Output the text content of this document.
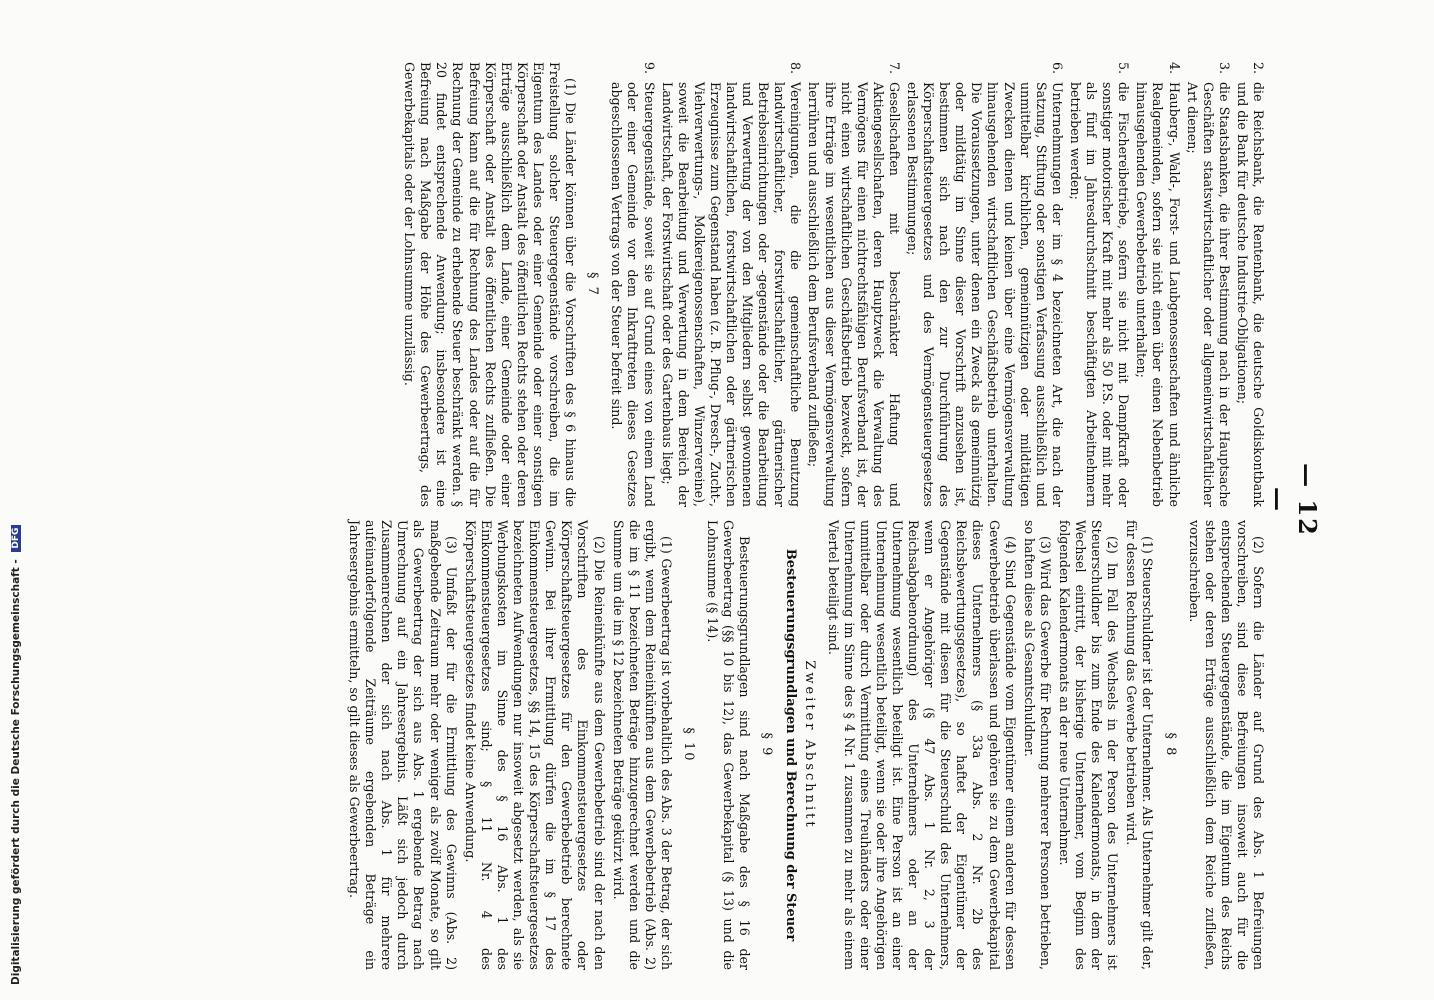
— 12 —
2.
die Reichsbank, die Rentenbank, die deutsche Goldiskontbank und die Bank für deutsche Industrie-Obligationen;
3.
die Staatsbanken, die ihrer Bestimmung nach in der Hauptsache Geschäften staatswirtschaftlicher oder allgemeinwirtschaftlicher Art dienen;
4.
Hauberg-, Wald-, Forst- und Laubgenossenschaften und ähnliche Realgemeinden, sofern sie nicht einen über einen Nebenbetrieb hinausgehenden Gewerbebetrieb unterhalten;
5.
die Fischereibetriebe, sofern sie nicht mit Dampfkraft oder sonstiger motorischer Kraft mit mehr als 50 P.S. oder mit mehr als fünf im Jahresdurchschnitt beschäftigten Arbeitnehmern betrieben werden;
6.
Unternehmungen der im § 4 bezeichneten Art, die nach der Satzung, Stiftung oder sonstigen Verfassung ausschließlich und unmittelbar kirchlichen, gemeinnützigen oder mildtätigen Zwecken dienen und keinen über eine Vermögensverwaltung hinausgehenden wirtschaftlichen Geschäftsbetrieb unterhalten. Die Voraussetzungen, unter denen ein Zweck als gemeinnützig oder mildtätig im Sinne dieser Vorschrift anzusehen ist, bestimmen sich nach den zur Durchführung des Körperschaftsteuergesetzes und des Vermögensteuergesetzes erlassenen Bestimmungen;
7.
Gesellschaften mit beschränkter Haftung und Aktiengesellschaften, deren Hauptzweck die Verwaltung des Vermögens für einen nichtrechtsfähigen Berufsverband ist, der nicht einen wirtschaftlichen Geschäftsbetrieb bezweckt, sofern ihre Erträge im wesentlichen aus dieser Vermögensverwaltung herrühren und ausschließlich dem Berufsverband zufließen;
8.
Vereinigungen, die die gemeinschaftliche Benutzung landwirtschaftlicher, forstwirtschaftlicher, gärtnerischer Betriebseinrichtungen oder -gegenstände oder die Bearbeitung und Verwertung der von den Mitgliedern selbst gewonnenen landwirtschaftlichen, forstwirtschaftlichen oder gärtnerischen Erzeugnisse zum Gegenstand haben (z. B. Pflug-, Dresch-, Zucht-, Viehverwertungs-, Molkereigenossenschaften, Winzervereine), soweit die Bearbeitung und Verwertung in dem Bereich der Landwirtschaft, der Forstwirtschaft oder des Gartenbaus liegt;
9.
Steuergegenstände, soweit sie auf Grund eines von einem Land oder einer Gemeinde vor dem Inkrafttreten dieses Gesetzes abgeschlossenen Vertrags von der Steuer befreit sind.
§ 7

(1) Die Länder können über die Vorschriften des § 6 hinaus die Freistellung solcher Steuergegenstände vorschreiben, die im Eigentum des Landes oder einer Gemeinde oder einer sonstigen Körperschaft oder Anstalt des öffentlichen Rechts stehen oder deren Erträge ausschließlich dem Lande, einer Gemeinde oder einer Körperschaft oder Anstalt des öffentlichen Rechts zufließen. Die Befreiung kann auf die für Rechnung des Landes oder auf die für Rechnung der Gemeinde zu erhebende Steuer beschränkt werden. § 20 findet entsprechende Anwendung; insbesondere ist eine Befreiung nach Maßgabe der Höhe des Gewerbeertrags, des Gewerbekapitals oder der Lohnsumme unzulässig.

(2) Sofern die Länder auf Grund des Abs. 1 Befreiungen vorschreiben, sind diese Befreiungen insoweit auch für die entsprechenden Steuergegenstände, die im Eigentum des Reichs stehen oder deren Erträge ausschließlich dem Reiche zufließen, vorzuschreiben.

§ 8

(1) Steuerschuldner ist der Unternehmer. Als Unternehmer gilt der, für dessen Rechnung das Gewerbe betrieben wird.

(2) Im Fall des Wechsels in der Person des Unternehmers ist Steuerschuldner bis zum Ende des Kalendermonats, in dem der Wechsel eintritt, der bisherige Unternehmer, vom Beginn des folgenden Kalendermonats an der neue Unternehmer.

(3) Wird das Gewerbe für Rechnung mehrerer Personen betrieben, so haften diese als Gesamtschuldner.

(4) Sind Gegenstände vom Eigentümer einem anderen für dessen Gewerbebetrieb überlassen und gehören sie zu dem Gewerbekapital dieses Unternehmers (§ 33a Abs. 2 Nr. 2b des Reichsbewertungsgesetzes), so haftet der Eigentümer der Gegenstände mit diesen für die Steuerschuld des Unternehmers, wenn er Angehöriger (§ 47 Abs. 1 Nr. 2, 3 der Reichsabgabenordnung) des Unternehmers oder an der Unternehmung wesentlich beteiligt ist. Eine Person ist an einer Unternehmung wesentlich beteiligt, wenn sie oder ihre Angehörigen unmittelbar oder durch Vermittlung eines Treuhänders oder einer Unternehmung im Sinne des § 4 Nr. 1 zusammen zu mehr als einem Viertel beteiligt sind.

Zweiter Abschnitt
Besteuerungsgrundlagen und Berechnung der Steuer
§ 9

Besteuerungsgrundlagen sind nach Maßgabe des § 16 der Gewerbeertrag (§§ 10 bis 12), das Gewerbekapital (§ 13) und die Lohnsumme (§ 14).

§ 10

(1) Gewerbeertrag ist vorbehaltlich des Abs. 3 der Betrag, der sich ergibt, wenn dem Reineinkünften aus dem Gewerbebetrieb (Abs. 2) die im § 11 bezeichneten Beträge hinzugerechnet werden und die Summe um die im § 12 bezeichneten Beträge gekürzt wird.

(2) Die Reineinkünfte aus dem Gewerbebetrieb sind der nach den Vorschriften des Einkommensteuergesetzes oder Körperschaftsteuergesetzes für den Gewerbebetrieb berechnete Gewinn. Bei ihrer Ermittlung dürfen die im § 17 des Einkommensteuergesetzes, §§ 14, 15 des Körperschaftsteuergesetzes bezeichneten Aufwendungen nur insoweit abgesetzt werden, als sie Werbungskosten im Sinne des § 16 Abs. 1 des Einkommensteuergesetzes sind; § 11 Nr. 4 des Körperschaftsteuergesetzes findet keine Anwendung.

(3) Umfaßt der für die Ermittlung des Gewinns (Abs. 2) maßgebende Zeitraum mehr oder weniger als zwölf Monate, so gilt als Gewerbeertrag der sich aus Abs. 1 ergebende Betrag nach Umrechnung auf ein Jahresergebnis. Läßt sich jedoch durch Zusammenrechnen der sich nach Abs. 1 für mehrere aufeinanderfolgende Zeiträume ergebenden Beträge ein Jahresergebnis ermitteln, so gilt dieses als Gewerbeertrag.

Digitalisierung gefördert durch die Deutsche Forschungsgemeinschaft - DFG
